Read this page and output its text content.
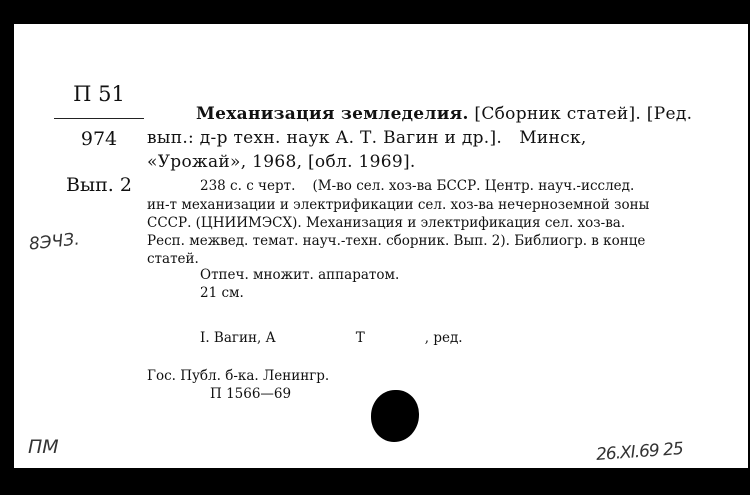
П 51
974
Вып. 2
8ЭЧЗ.
Механизация земледелия. [Сборник статей]. [Ред.
вып.: д-р техн. наук А. Т. Вагин и др.].   Минск,
«Урожай», 1968, [обл. 1969].
238 с. с черт.    (М-во сел. хоз-ва БССР. Центр. науч.-исслед.
ин-т механизации и электрификации сел. хоз-ва нечерноземной зоны
СССР. (ЦНИИМЭСХ). Механизация и электрификация сел. хоз-ва.
Респ. межвед. темат. науч.-техн. сборник. Вып. 2). Библиогр. в конце
статей.
Отпеч. множит. аппаратом.
21 см.
I. Вагин, А	Т	, ред.
Гос. Публ. б-ка. Ленингр.
П 1566—69
ПМ	26.XI.69 25
